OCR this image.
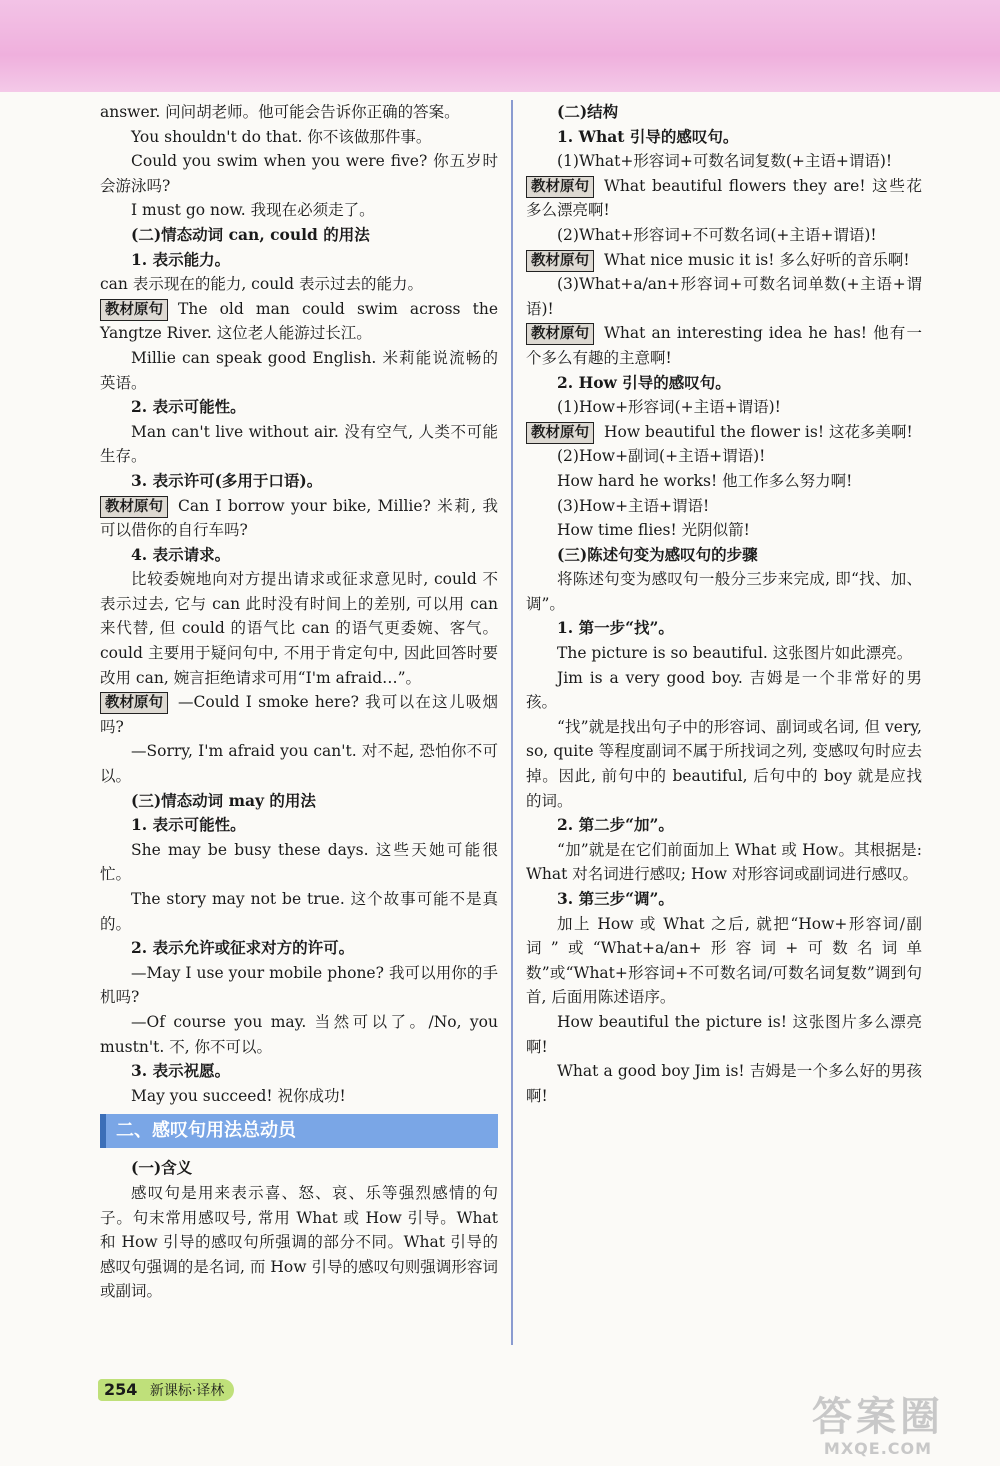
answer. 问问胡老师。他可能会告诉你正确的答案。

You shouldn't do that. 你不该做那件事。

Could you swim when you were five? 你五岁时会游泳吗?

I must go now. 我现在必须走了。

(二)情态动词 can, could 的用法

1. 表示能力。

can 表示现在的能力, could 表示过去的能力。

教材原句 The old man could swim across the Yangtze River. 这位老人能游过长江。

Millie can speak good English. 米莉能说流畅的英语。

2. 表示可能性。

Man can't live without air. 没有空气, 人类不可能生存。

3. 表示许可(多用于口语)。

教材原句 Can I borrow your bike, Millie? 米莉, 我可以借你的自行车吗?

4. 表示请求。

比较委婉地向对方提出请求或征求意见时, could 不表示过去, 它与 can 此时没有时间上的差别, 可以用 can 来代替, 但 could 的语气比 can 的语气更委婉、客气。could 主要用于疑问句中, 不用于肯定句中, 因此回答时要改用 can, 婉言拒绝请求可用“I'm afraid…”。

教材原句 —Could I smoke here? 我可以在这儿吸烟吗?

—Sorry, I'm afraid you can't. 对不起, 恐怕你不可以。

(三)情态动词 may 的用法

1. 表示可能性。

She may be busy these days. 这些天她可能很忙。

The story may not be true. 这个故事可能不是真的。

2. 表示允许或征求对方的许可。

—May I use your mobile phone? 我可以用你的手机吗?

—Of course you may. 当然可以了。/No, you mustn't. 不, 你不可以。

3. 表示祝愿。

May you succeed! 祝你成功!

二、感叹句用法总动员

(一)含义

感叹句是用来表示喜、怒、哀、乐等强烈感情的句子。句末常用感叹号, 常用 What 或 How 引导。What 和 How 引导的感叹句所强调的部分不同。What 引导的感叹句强调的是名词, 而 How 引导的感叹句则强调形容词或副词。

(二)结构

1. What 引导的感叹句。

(1)What+形容词+可数名词复数(+主语+谓语)!

教材原句 What beautiful flowers they are! 这些花多么漂亮啊!

(2)What+形容词+不可数名词(+主语+谓语)!

教材原句 What nice music it is! 多么好听的音乐啊!

(3)What+a/an+形容词+可数名词单数(+主语+谓语)!

教材原句 What an interesting idea he has! 他有一个多么有趣的主意啊!

2. How 引导的感叹句。

(1)How+形容词(+主语+谓语)!

教材原句 How beautiful the flower is! 这花多美啊!

(2)How+副词(+主语+谓语)!

How hard he works! 他工作多么努力啊!

(3)How+主语+谓语!

How time flies! 光阴似箭!

(三)陈述句变为感叹句的步骤

将陈述句变为感叹句一般分三步来完成, 即“找、加、调”。

1. 第一步“找”。

The picture is so beautiful. 这张图片如此漂亮。

Jim is a very good boy. 吉姆是一个非常好的男孩。

“找”就是找出句子中的形容词、副词或名词, 但 very, so, quite 等程度副词不属于所找词之列, 变感叹句时应去掉。因此, 前句中的 beautiful, 后句中的 boy 就是应找的词。

2. 第二步“加”。

“加”就是在它们前面加上 What 或 How。其根据是: What 对名词进行感叹; How 对形容词或副词进行感叹。

3. 第三步“调”。

加上 How 或 What 之后, 就把“How+形容词/副词”或“What+a/an+形容词+可数名词单数”或“What+形容词+不可数名词/可数名词复数”调到句首, 后面用陈述语序。

How beautiful the picture is! 这张图片多么漂亮啊!

What a good boy Jim is! 吉姆是一个多么好的男孩啊!

254 新课标·译林
答案圈
MXQE.COM
